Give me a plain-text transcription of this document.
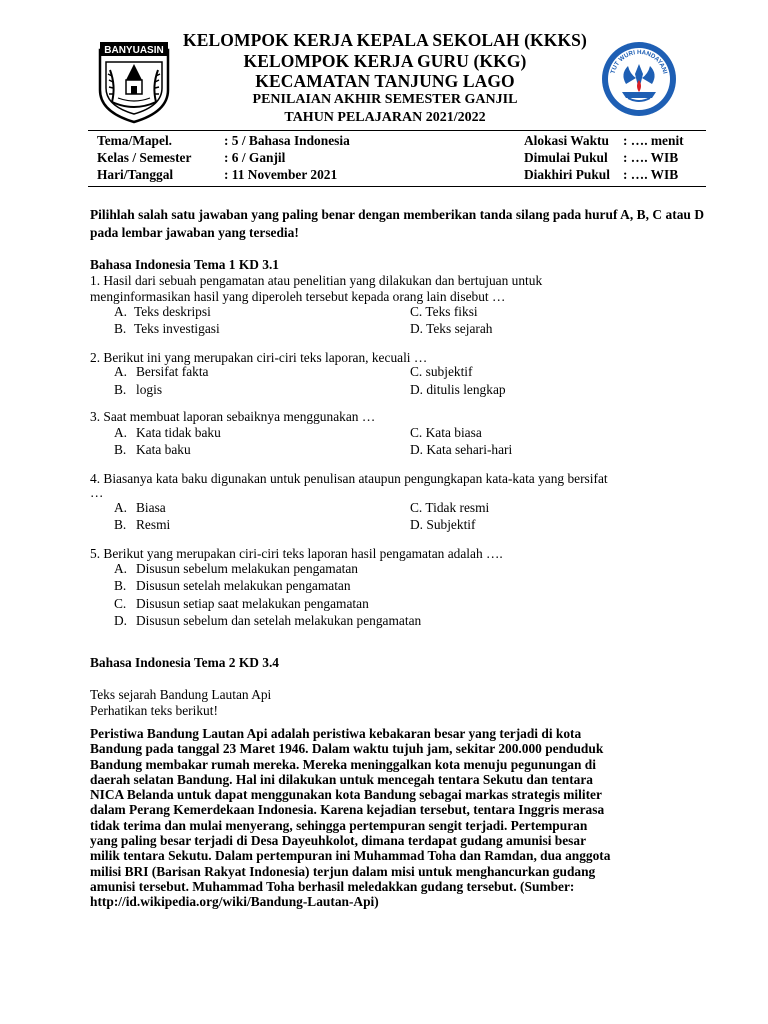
BANYUASIN
KELOMPOK KERJA KEPALA SEKOLAH (KKKS)
KELOMPOK KERJA GURU (KKG)
KECAMATAN TANJUNG LAGO
PENILAIAN AKHIR SEMESTER GANJIL
TAHUN PELAJARAN 2021/2022
TUT WURI HANDAYANI
Tema/Mapel.	: 5 / Bahasa Indonesia	Alokasi Waktu : …. menit
Kelas / Semester : 6 / Ganjil	Dimulai Pukul : …. WIB
Hari/Tanggal	: 11 November 2021	Diakhiri Pukul : …. WIB
Pilihlah salah satu jawaban yang paling benar dengan memberikan tanda silang pada huruf A, B, C atau D pada lembar jawaban yang tersedia!
Bahasa Indonesia Tema 1 KD 3.1
1. Hasil dari sebuah pengamatan atau penelitian yang dilakukan dan bertujuan untuk
menginformasikan hasil yang diperoleh tersebut kepada orang lain disebut …
A. Teks deskripsi	C. Teks fiksi
B. Teks investigasi	D. Teks sejarah
2. Berikut ini yang merupakan ciri-ciri teks laporan, kecuali …
A. Bersifat fakta	C. subjektif
B. logis	D. ditulis lengkap
3. Saat membuat laporan sebaiknya menggunakan …
A. Kata tidak baku	C. Kata biasa
B. Kata baku	D. Kata sehari-hari
4. Biasanya kata baku digunakan untuk penulisan ataupun pengungkapan kata-kata yang bersifat
…
A. Biasa	C. Tidak resmi
B. Resmi	D. Subjektif
5. Berikut yang merupakan ciri-ciri teks laporan hasil pengamatan adalah ….
A. Disusun sebelum melakukan pengamatan
B. Disusun setelah melakukan pengamatan
C. Disusun setiap saat melakukan pengamatan
D. Disusun sebelum dan setelah melakukan pengamatan
Bahasa Indonesia Tema 2 KD 3.4
Teks sejarah Bandung Lautan Api
Perhatikan teks berikut!
Peristiwa Bandung Lautan Api adalah peristiwa kebakaran besar yang terjadi di kota
Bandung pada tanggal 23 Maret 1946. Dalam waktu tujuh jam, sekitar 200.000 penduduk
Bandung membakar rumah mereka. Mereka meninggalkan kota menuju pegunungan di
daerah selatan Bandung. Hal ini dilakukan untuk mencegah tentara Sekutu dan tentara
NICA Belanda untuk dapat menggunakan kota Bandung sebagai markas strategis militer
dalam Perang Kemerdekaan Indonesia. Karena kejadian tersebut, tentara Inggris merasa
tidak terima dan mulai menyerang, sehingga pertempuran sengit terjadi. Pertempuran
yang paling besar terjadi di Desa Dayeuhkolot, dimana terdapat gudang amunisi besar
milik tentara Sekutu. Dalam pertempuran ini Muhammad Toha dan Ramdan, dua anggota
milisi BRI (Barisan Rakyat Indonesia) terjun dalam misi untuk menghancurkan gudang
amunisi tersebut. Muhammad Toha berhasil meledakkan gudang tersebut. (Sumber:
http://id.wikipedia.org/wiki/Bandung-Lautan-Api)
